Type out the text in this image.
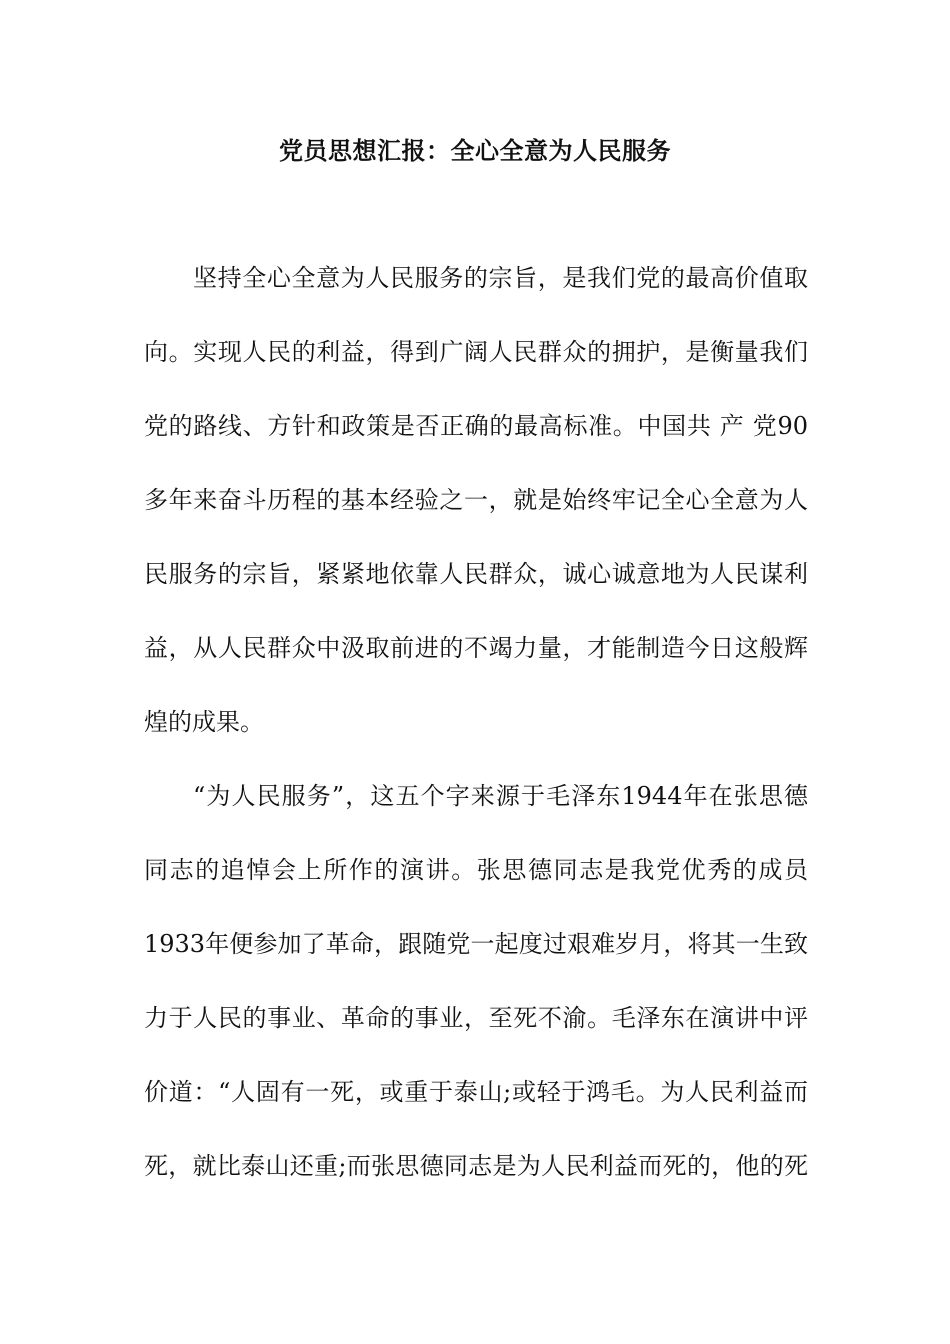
党员思想汇报：全心全意为人民服务
坚持全心全意为人民服务的宗旨，是我们党的最高价值取
向。实现人民的利益，得到广阔人民群众的拥护，是衡量我们
党的路线、方针和政策是否正确的最高标准。中国共 产 党90
多年来奋斗历程的基本经验之一，就是始终牢记全心全意为人
民服务的宗旨，紧紧地依靠人民群众，诚心诚意地为人民谋利
益，从人民群众中汲取前进的不竭力量，才能制造今日这般辉
煌的成果。
“为人民服务”，这五个字来源于毛泽东1944年在张思德
同志的追悼会上所作的演讲。张思德同志是我党优秀的成员
1933年便参加了革命，跟随党一起度过艰难岁月，将其一生致
力于人民的事业、革命的事业，至死不渝。毛泽东在演讲中评
价道：“人固有一死，或重于泰山;或轻于鸿毛。为人民利益而
死，就比泰山还重;而张思德同志是为人民利益而死的，他的死
